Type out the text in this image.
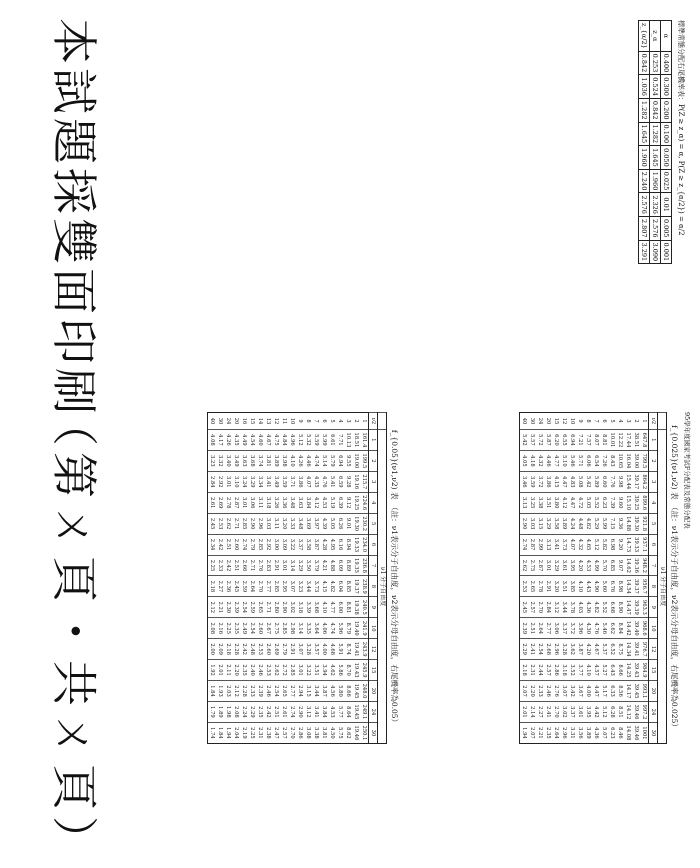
標準常態分配右尾機率表：P(Z ≥ z_α) = α, P(Z ≥ z_{α/2}) = α/2
α	0.400	0.300	0.200	0.100	0.050	0.025	0.01	0.005	0.001
z_α	0.253	0.524	0.842	1.282	1.645	1.960	2.326	2.576	3.090
z_{α/2}	0.842	1.036	1.282	1.645	1.960	2.240	2.576	2.807	3.291
95學年度國家考試F分配表及常態分配表
f_{0.025}(ν1,ν2) 表　（註：ν1表示分子自由度，ν2表示分母自由度，右尾機率為0.025）
	ν1 分子自由度														
ν2	1	2	3	4	5	6	7	8	9	10	12	15	20	24	30
1	647.8	799.5	864.2	899.6	921.8	937.1	948.2	956.7	963.3	968.6	976.7	984.9	993.1	997.2	1001
2	38.51	39.00	39.17	39.25	39.30	39.33	39.36	39.37	39.39	39.40	39.41	39.43	39.45	39.46	39.46
3	17.44	16.04	15.44	15.10	14.88	14.73	14.62	14.54	14.47	14.42	14.34	14.25	14.17	14.12	14.08
4	12.22	10.65	9.98	9.60	9.36	9.20	9.07	8.98	8.90	8.84	8.75	8.66	8.56	8.51	8.46
5	10.01	8.43	7.76	7.39	7.15	6.98	6.85	6.76	6.68	6.62	6.52	6.43	6.33	6.28	6.23
6	8.81	7.26	6.60	6.23	5.99	5.82	5.70	5.60	5.52	5.46	5.37	5.27	5.17	5.12	5.07
7	8.07	6.54	5.89	5.52	5.29	5.12	4.99	4.90	4.82	4.76	4.67	4.57	4.47	4.42	4.36
8	7.57	6.06	5.42	5.05	4.82	4.65	4.53	4.43	4.36	4.30	4.20	4.10	4.00	3.95	3.89
9	7.21	5.71	5.08	4.72	4.48	4.32	4.20	4.10	4.03	3.96	3.87	3.77	3.67	3.61	3.56
10	6.94	5.46	4.83	4.47	4.24	4.07	3.95	3.85	3.78	3.72	3.62	3.52	3.42	3.37	3.31
12	6.55	5.10	4.47	4.12	3.89	3.73	3.61	3.51	3.44	3.37	3.28	3.18	3.07	3.02	2.96
15	6.20	4.77	4.15	3.80	3.58	3.41	3.29	3.20	3.12	3.06	2.96	2.86	2.76	2.70	2.64
20	5.87	4.46	3.86	3.51	3.29	3.13	3.01	2.91	2.84	2.77	2.68	2.57	2.46	2.41	2.35
24	5.72	4.32	3.72	3.38	3.15	2.99	2.87	2.78	2.70	2.64	2.54	2.44	2.33	2.27	2.21
30	5.57	4.18	3.59	3.25	3.03	2.87	2.75	2.65	2.57	2.51	2.41	2.31	2.20	2.14	2.07
40	5.42	4.05	3.46	3.13	2.90	2.74	2.62	2.53	2.45	2.39	2.29	2.18	2.07	2.01	1.94
f_{0.05}(ν1,ν2) 表　（註：ν1表示分子自由度，ν2表示分母自由度，右尾機率為0.05）
	ν1 分子自由度														
ν2	1	2	3	4	5	6	7	8	9	10	12	15	20	24	30
1	161.4	199.5	215.7	224.6	230.2	234.0	236.8	238.9	240.5	241.9	243.9	245.9	248.0	249.1	250.1
2	18.51	19.00	19.16	19.25	19.30	19.33	19.35	19.37	19.38	19.40	19.41	19.43	19.45	19.45	19.46
3	10.13	9.55	9.28	9.12	9.01	8.94	8.89	8.85	8.81	8.79	8.74	8.70	8.66	8.64	8.62
4	7.71	6.94	6.59	6.39	6.26	6.16	6.09	6.04	6.00	5.96	5.91	5.86	5.80	5.77	5.75
5	6.61	5.79	5.41	5.19	5.05	4.95	4.88	4.82	4.77	4.74	4.68	4.62	4.56	4.53	4.50
6	5.99	5.14	4.76	4.53	4.39	4.28	4.21	4.15	4.10	4.06	4.00	3.94	3.87	3.84	3.81
7	5.59	4.74	4.35	4.12	3.97	3.87	3.79	3.73	3.68	3.64	3.57	3.51	3.44	3.41	3.38
8	5.32	4.46	4.07	3.84	3.69	3.58	3.50	3.44	3.39	3.35	3.28	3.22	3.15	3.12	3.08
9	5.12	4.26	3.86	3.63	3.48	3.37	3.29	3.23	3.18	3.14	3.07	3.01	2.94	2.90	2.86
10	4.96	4.10	3.71	3.48	3.33	3.22	3.14	3.07	3.02	2.98	2.91	2.85	2.77	2.74	2.70
11	4.84	3.98	3.59	3.36	3.20	3.09	3.01	2.95	2.90	2.85	2.79	2.72	2.65	2.61	2.57
12	4.75	3.89	3.49	3.26	3.11	3.00	2.91	2.85	2.80	2.75	2.69	2.62	2.54	2.51	2.47
13	4.67	3.81	3.41	3.18	3.03	2.92	2.83	2.77	2.71	2.67	2.60	2.53	2.46	2.42	2.38
14	4.60	3.74	3.34	3.11	2.96	2.85	2.76	2.70	2.65	2.60	2.53	2.46	2.39	2.35	2.31
15	4.54	3.68	3.29	3.06	2.90	2.79	2.71	2.64	2.59	2.54	2.48	2.40	2.33	2.29	2.25
16	4.49	3.63	3.24	3.01	2.85	2.74	2.66	2.59	2.54	2.49	2.42	2.35	2.28	2.24	2.19
20	4.35	3.49	3.10	2.87	2.71	2.60	2.51	2.45	2.39	2.35	2.28	2.20	2.12	2.08	2.04
24	4.26	3.40	3.01	2.78	2.62	2.51	2.42	2.36	2.30	2.25	2.18	2.11	2.03	1.98	1.94
30	4.17	3.32	2.92	2.69	2.53	2.42	2.33	2.27	2.21	2.16	2.09	2.01	1.93	1.89	1.84
40	4.08	3.23	2.84	2.61	2.45	2.34	2.25	2.18	2.12	2.08	2.00	1.92	1.84	1.79	1.74
本試題採雙面印刷
（第ㄨ頁・共ㄨ頁）
